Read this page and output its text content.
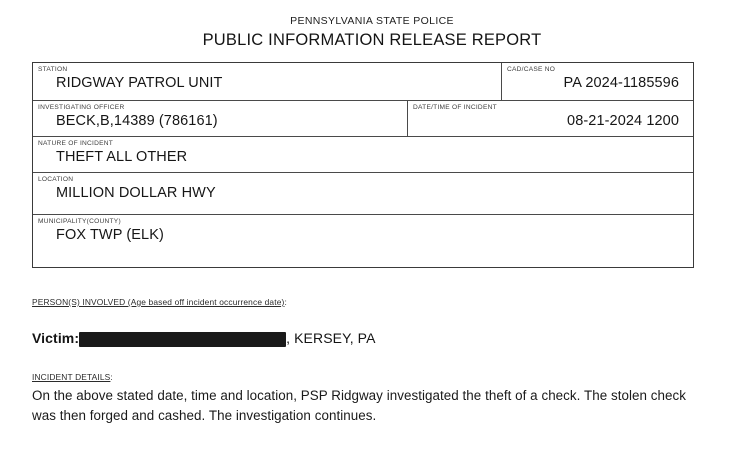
PENNSYLVANIA STATE POLICE
PUBLIC INFORMATION RELEASE REPORT
STATION
RIDGWAY PATROL UNIT
CAD/CASE NO
PA 2024-1185596
INVESTIGATING OFFICER
BECK,B,14389 (786161)
DATE/TIME OF INCIDENT
08-21-2024 1200
NATURE OF INCIDENT
THEFT ALL OTHER
LOCATION
MILLION DOLLAR HWY
MUNICIPALITY(COUNTY)
FOX TWP (ELK)
PERSON(S) INVOLVED (Age based off incident occurrence date):
Victim:	, KERSEY, PA
INCIDENT DETAILS:
On the above stated date, time and location, PSP Ridgway investigated the theft of a check. The stolen check was then forged and cashed. The investigation continues.
